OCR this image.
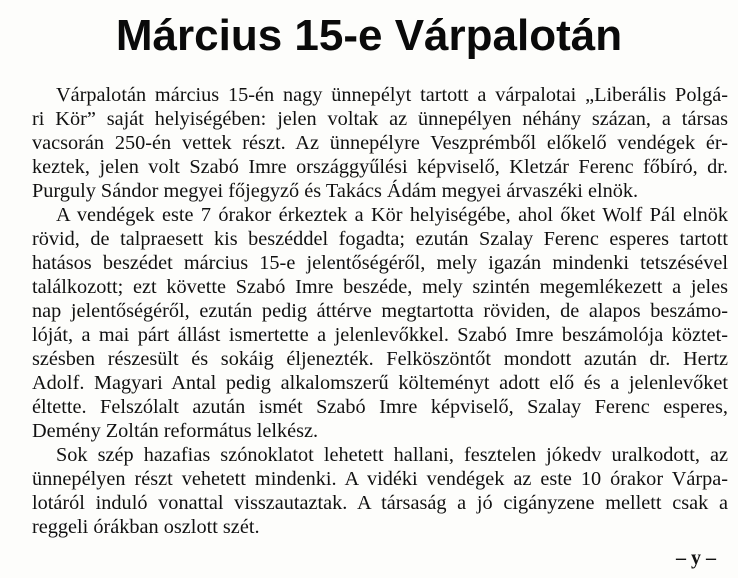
Március 15-e Várpalotán
Várpalotán március 15-én nagy ünnepélyt tartott a várpalotai „Liberális Polgá-
ri Kör” saját helyiségében: jelen voltak az ünnepélyen néhány százan, a társas
vacsorán 250-én vettek részt. Az ünnepélyre Veszprémből előkelő vendégek ér-
keztek, jelen volt Szabó Imre országgyűlési képviselő, Kletzár Ferenc főbíró, dr.
Purguly Sándor megyei főjegyző és Takács Ádám megyei árvaszéki elnök.
A vendégek este 7 órakor érkeztek a Kör helyiségébe, ahol őket Wolf Pál elnök
rövid, de talpraesett kis beszéddel fogadta; ezután Szalay Ferenc esperes tartott
hatásos beszédet március 15-e jelentőségéről, mely igazán mindenki tetszésével
találkozott; ezt követte Szabó Imre beszéde, mely szintén megemlékezett a jeles
nap jelentőségéről, ezután pedig áttérve megtartotta röviden, de alapos beszámo-
lóját, a mai párt állást ismertette a jelenlevőkkel. Szabó Imre beszámolója köztet-
szésben részesült és sokáig éljenezték. Felköszöntőt mondott azután dr. Hertz
Adolf. Magyari Antal pedig alkalomszerű költeményt adott elő és a jelenlevőket
éltette. Felszólalt azután ismét Szabó Imre képviselő, Szalay Ferenc esperes,
Demény Zoltán református lelkész.
Sok szép hazafias szónoklatot lehetett hallani, fesztelen jókedv uralkodott, az
ünnepélyen részt vehetett mindenki. A vidéki vendégek az este 10 órakor Várpa-
lotáról induló vonattal visszautaztak. A társaság a jó cigányzene mellett csak a
reggeli órákban oszlott szét.
– y –
